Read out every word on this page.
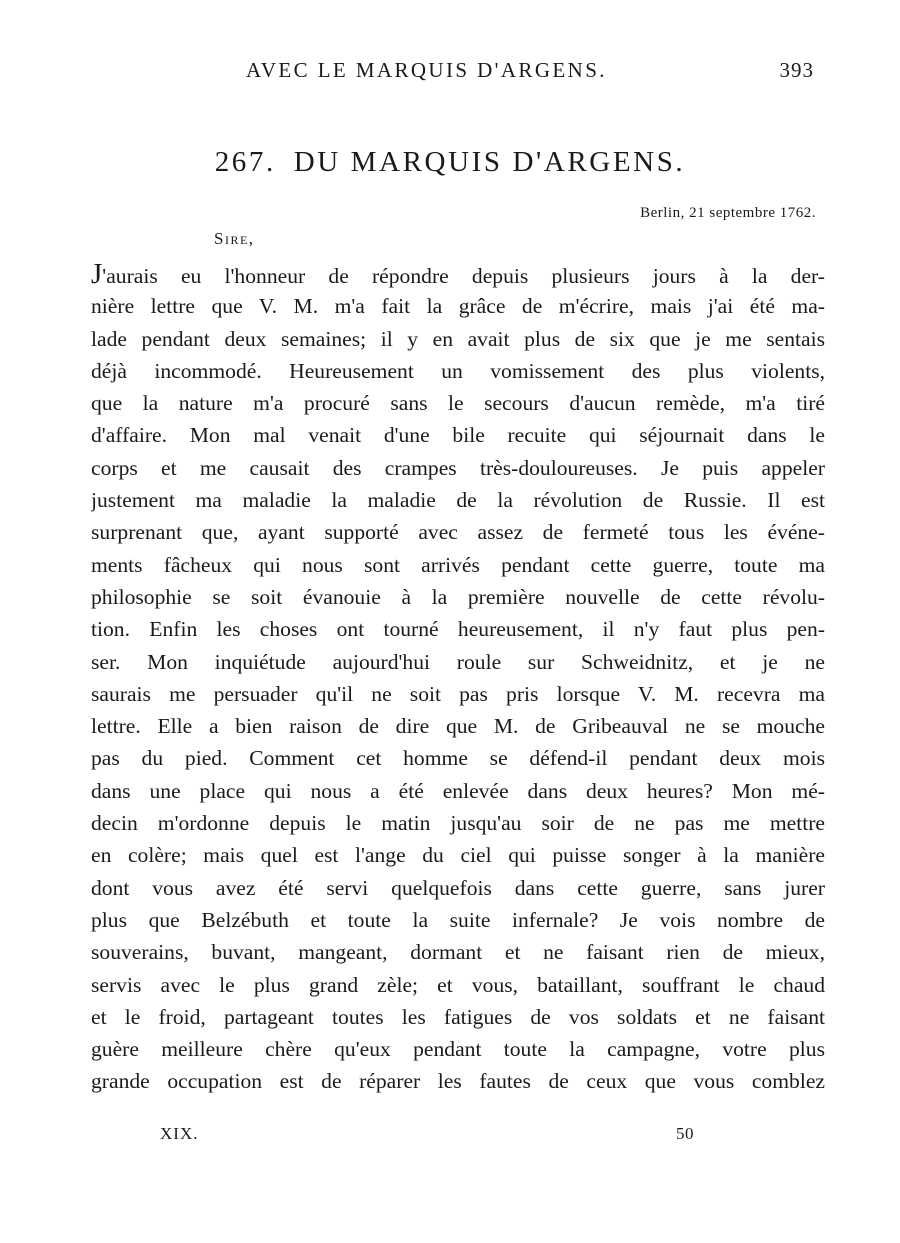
AVEC LE MARQUIS D'ARGENS.	393
267. DU MARQUIS D'ARGENS.
Berlin, 21 septembre 1762.
Sire,
J'aurais eu l'honneur de répondre depuis plusieurs jours à la der-
nière lettre que V. M. m'a fait la grâce de m'écrire, mais j'ai été ma-
lade pendant deux semaines; il y en avait plus de six que je me sentais
déjà incommodé. Heureusement un vomissement des plus violents,
que la nature m'a procuré sans le secours d'aucun remède, m'a tiré
d'affaire. Mon mal venait d'une bile recuite qui séjournait dans le
corps et me causait des crampes très-douloureuses. Je puis appeler
justement ma maladie la maladie de la révolution de Russie. Il est
surprenant que, ayant supporté avec assez de fermeté tous les événe-
ments fâcheux qui nous sont arrivés pendant cette guerre, toute ma
philosophie se soit évanouie à la première nouvelle de cette révolu-
tion. Enfin les choses ont tourné heureusement, il n'y faut plus pen-
ser. Mon inquiétude aujourd'hui roule sur Schweidnitz, et je ne
saurais me persuader qu'il ne soit pas pris lorsque V. M. recevra ma
lettre. Elle a bien raison de dire que M. de Gribeauval ne se mouche
pas du pied. Comment cet homme se défend-il pendant deux mois
dans une place qui nous a été enlevée dans deux heures? Mon mé-
decin m'ordonne depuis le matin jusqu'au soir de ne pas me mettre
en colère; mais quel est l'ange du ciel qui puisse songer à la manière
dont vous avez été servi quelquefois dans cette guerre, sans jurer
plus que Belzébuth et toute la suite infernale? Je vois nombre de
souverains, buvant, mangeant, dormant et ne faisant rien de mieux,
servis avec le plus grand zèle; et vous, bataillant, souffrant le chaud
et le froid, partageant toutes les fatigues de vos soldats et ne faisant
guère meilleure chère qu'eux pendant toute la campagne, votre plus
grande occupation est de réparer les fautes de ceux que vous comblez
XIX.	50
